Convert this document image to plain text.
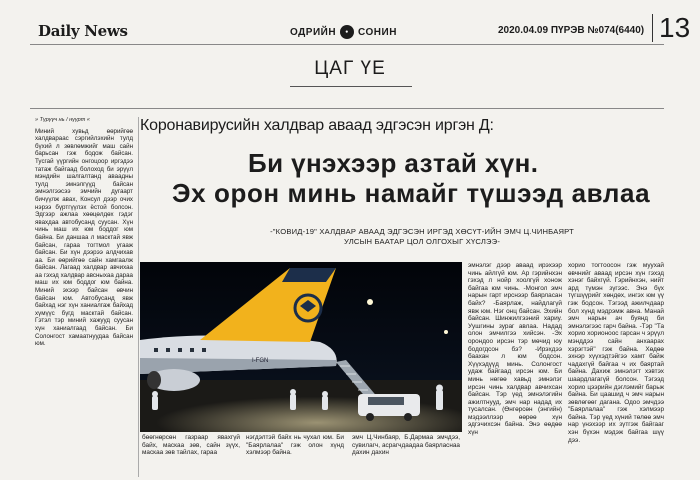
Daily News	ОДРИЙН	● СОНИН	2020.04.09 ПҮРЭВ №074(6440) 13
ЦАГ ҮЕ
» Түрүүч нь / нүүрт «

Миний хувьд өөрийгөө халдвараас сэргийлэхийн тулд бүхий л зөвлөмжийг маш сайн барьсан гэж бодож байсан. Тусгай үүргийн онгоцоор иргэдээ татаж байгаад болоход би эрүүл мэндийн шалгалтанд аваадны тулд эмнэлгүүд байсан эмнэлгээсээ эмчийн дугаарт бичүүлж авах, Консул дээр очих нэрээ бүртгүүлэх ёстой болсон. Эдгээр ажлаа хөөцөлдөх гэдэг явахдаа автобусанд суусан. Хүн чинь маш их юм боддог юм байна. Би даншаа л масктай явж байсан, гараа тогтмол угааж байсан. Би хүн дээрээ алдчихав аа. Би өөрийгөө сайн хамгаалж байсан. Лагаад халдвар авчихаа аа гэхэд халдвар авсныхаа дараа маш их юм боддог юм байна. Миний эхээр байсан өвчин байсан юм. Автобусанд явж байхад нэг хүн ханиалгаж байхад хүмүүс бүгд масктай байсан. Гэтэл тэр миний хажууд суусан хүн ханиалгаад байсан. Би Солонгост хамаатнуудаа байсан юм.

Коронавирусийн халдвар аваад эдгэсэн иргэн Д:
Би үнэхээр азтай хүн.
Эх орон минь намайг түшээд авлаа
-"КОВИД-19" ХАЛДВАР АВААД ЭДГЭСЭН ИРГЭД ХӨСҮТ-ИЙН ЭМЧ Ц.ЧИНБАЯРТ
УЛСЫН БААТАР ЦОЛ ОЛГОХЫГ ХҮСЛЭЭ-
I-FGN

бөөгнөрсөн газраар явахгүй байх, маскаа зөв, сайн зүүх, маскаа зөв тайлах, гараа

нэгдэлтэй байх нь чухал юм. Би "Баярлалаа" гэж олон хүнд хэлмээр байна.

эмч Ц.Чинбаяр, Б.Дармаа эмчдээ, сувилагч, асрагчдаадаа баярласнаа дахин дахин

эмнэлэг дээр аваад ирэхээр чинь айлгүй юм. Ар гэрийнхэн гэхэд л нойр хоолгүй хонож байгаа юм чинь. -Монгол эмч нарын гарт ирснээр баярласан байх? -Баярлаж, найдлагүй явж юм. Нэг онц байсан. Эхийн байсан. Шинжилгээний хариу. Уушгины зураг авлаа. Надад олон эмчилгээ хийсэн. -Эх орондоо ирсэн тэр мөчид юу бодогдсон бэ? -Ирэхдээ баахан л юм бодсон. Хүүхэдүүд минь. Солонгост удаж байгаад ирсэн юм. Би минь нөгөө хавьд эмнэлэг ирсэн чинь халдвар авчихсан байсан. Тэр үед эмнэлэгийн ажилтнууд, эмч нар надад их тусалсан. (Өнгөрсөн (энгийн) мэдээллээр өөрөө хүн эдгэчихсэн байна. Энэ өөдөө хүн

хорио тогтоосон гэж муухай өвчнийг аваад ирсэн хүн гэхэд хэнэг байхгүй. Гэрийнхэн, нийт ард түмэн зүгээс. Энэ бүх түгшүүрийг хөндөх, ингэх юм үү гэж бодсон. Тэгээд ажилчдаар бол хүнд мэдрэмж авна. Манай эмч нарын ач буянд би эмнэлэгээс гарч байна. -Тэр "Та хорио хорионоос гарсан ч эрүүл мэнддээ сайн анхаарах хэрэгтэй" гэж байна. Хөдөө эхнэр хүүхэдтэйгээ хамт байж чадахгүй байгаа ч их баяртай байна. Дахиж эмнэлэгт хэвтэх шаардлагагүй болсон. Тэгээд хорио цээрийн дэглэмийг барьж байна. Би цаашид ч эмч нарын зөвлөгөөг дагана. Одоо эмчдээ "Баярлалаа" гэж хэлмээр байна. Тэр үед хүний төлөө эмч нар үнэхээр их зүтгэж байгааг хэн бүхэн мэдэж байгаа шүү дээ.
